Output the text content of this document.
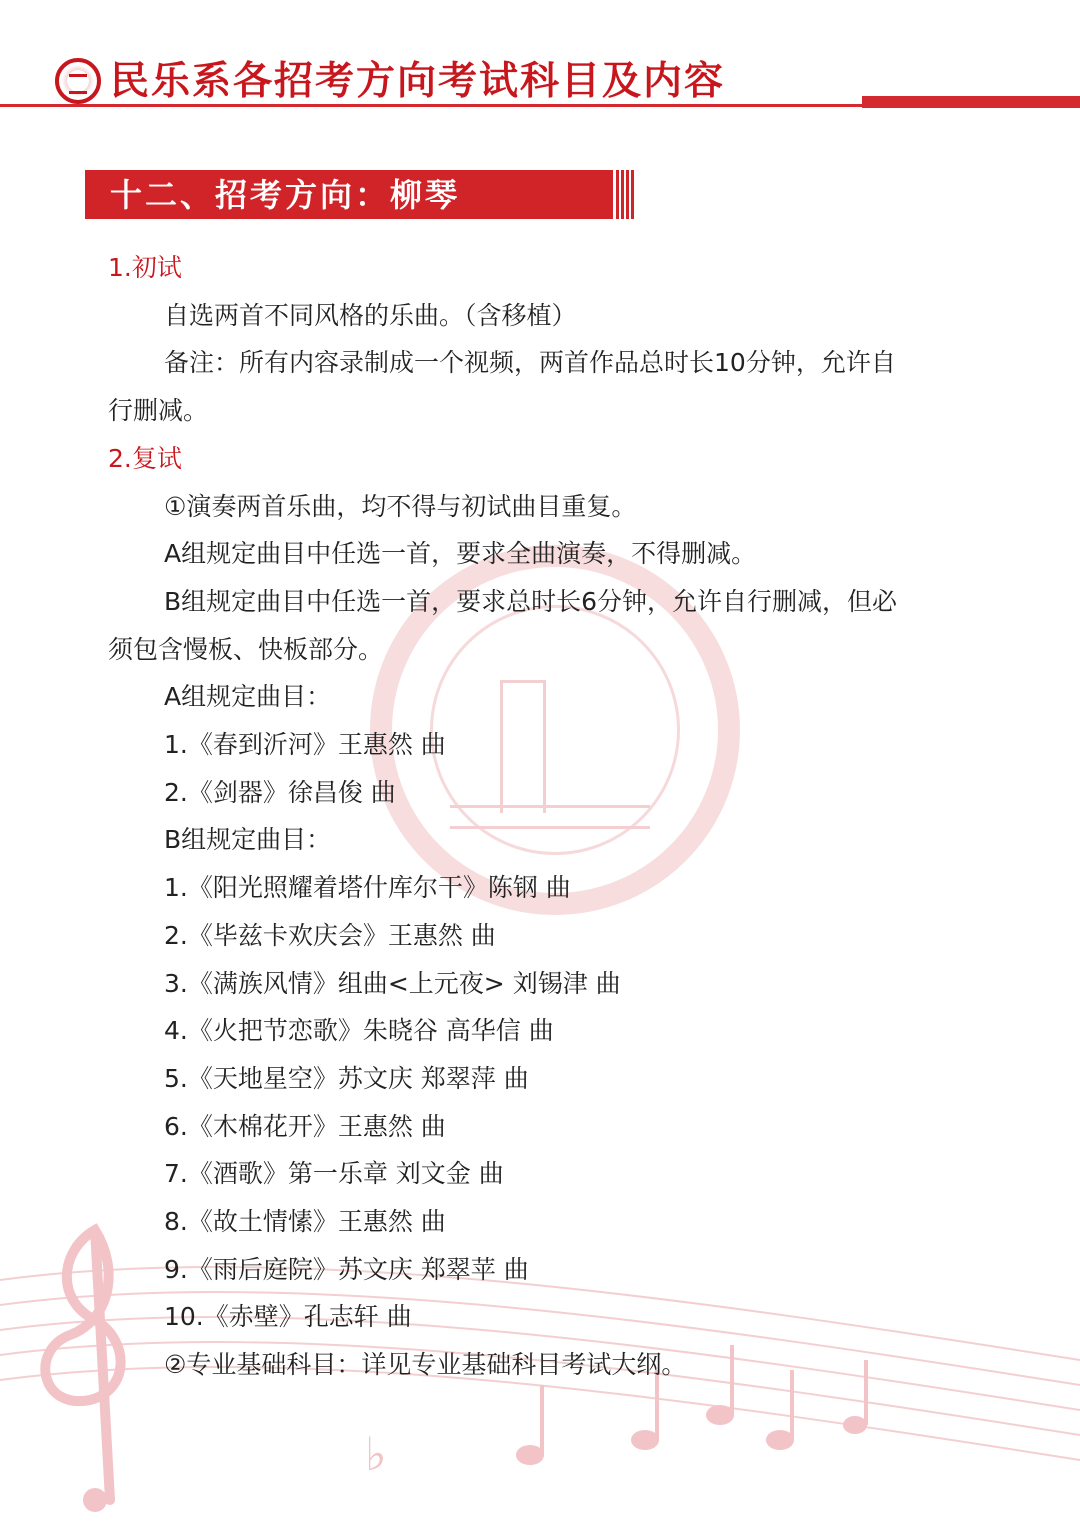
民乐系各招考方向考试科目及内容
♭
十二、招考方向：柳琴
1.初试
自选两首不同风格的乐曲。（含移植）
备注：所有内容录制成一个视频，两首作品总时长10分钟，允许自
行删减。
2.复试
①演奏两首乐曲，均不得与初试曲目重复。
A组规定曲目中任选一首，要求全曲演奏，不得删减。
B组规定曲目中任选一首，要求总时长6分钟，允许自行删减，但必
须包含慢板、快板部分。
A组规定曲目：
1.《春到沂河》王惠然 曲
2.《剑器》徐昌俊 曲
B组规定曲目：
1.《阳光照耀着塔什库尔干》陈钢 曲
2.《毕兹卡欢庆会》王惠然 曲
3.《满族风情》组曲<上元夜> 刘锡津 曲
4.《火把节恋歌》朱晓谷 高华信 曲
5.《天地星空》苏文庆 郑翠萍 曲
6.《木棉花开》王惠然 曲
7.《酒歌》第一乐章 刘文金 曲
8.《故土情愫》王惠然 曲
9.《雨后庭院》苏文庆 郑翠苹 曲
10.《赤壁》孔志轩 曲
②专业基础科目：详见专业基础科目考试大纲。
